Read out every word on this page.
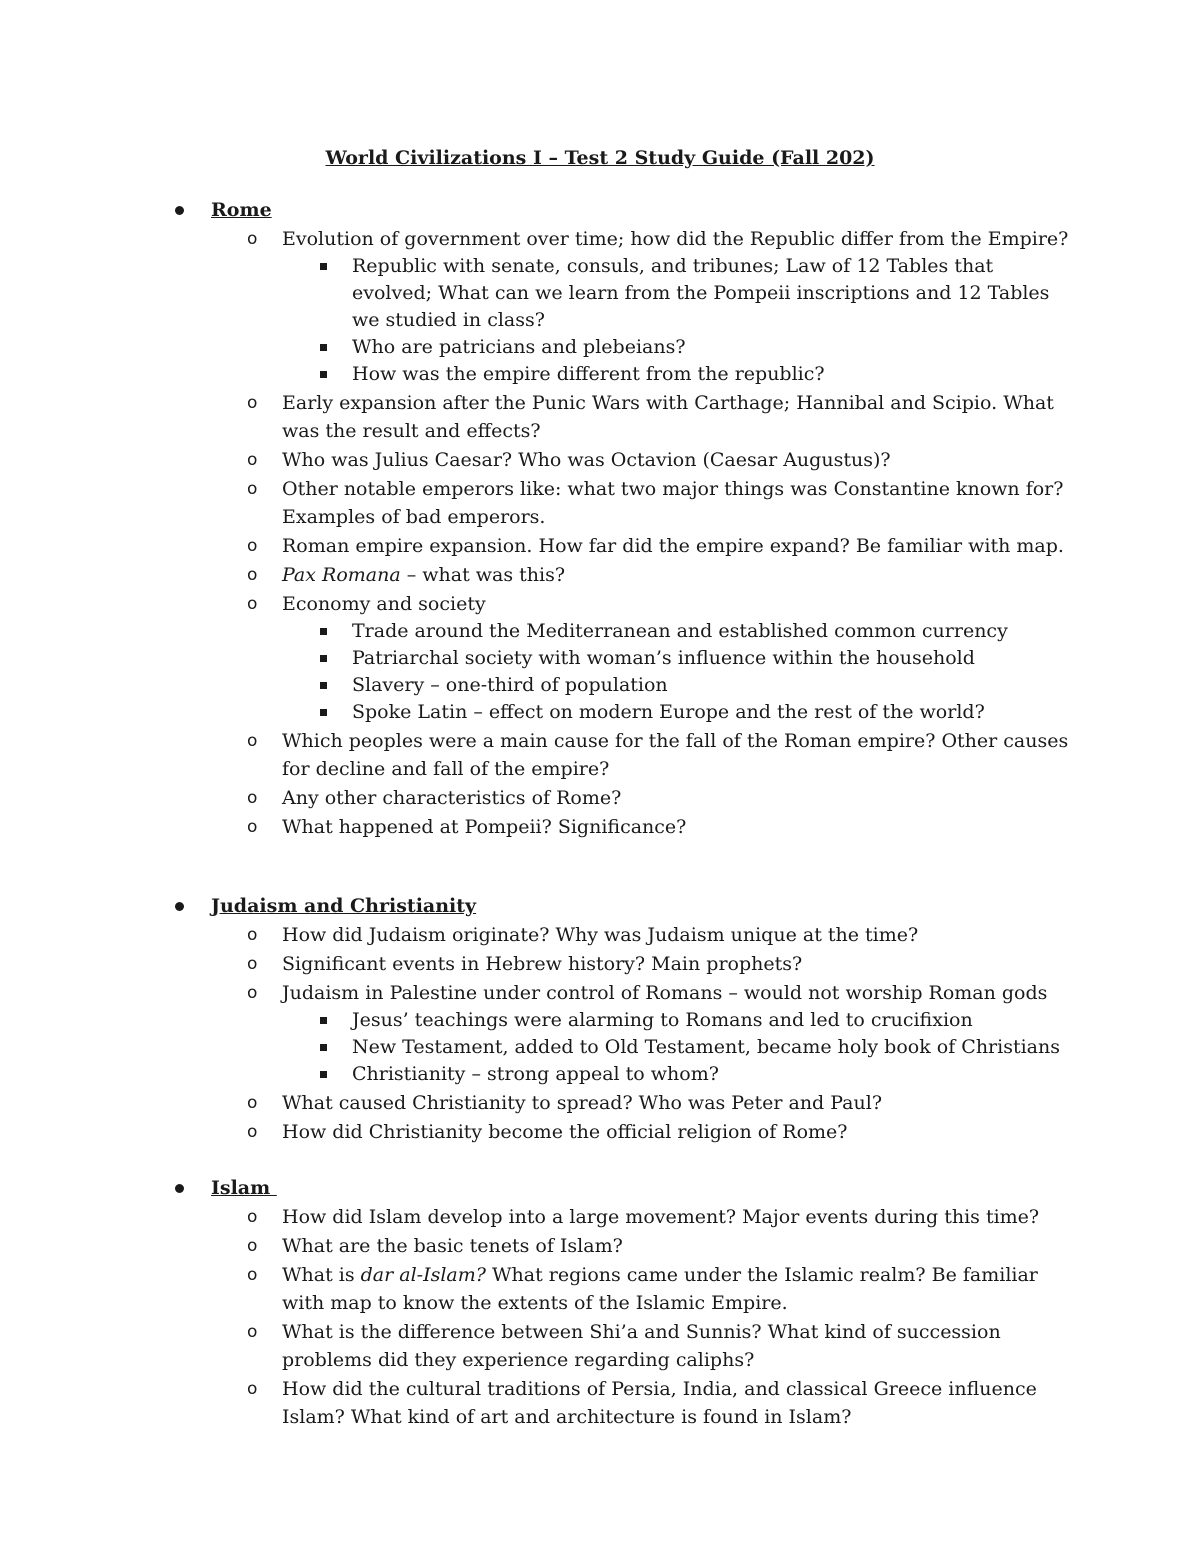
World Civilizations I – Test 2 Study Guide (Fall 202)
Rome
o Evolution of government over time; how did the Republic differ from the Empire?
Republic with senate, consuls, and tribunes; Law of 12 Tables that evolved; What can we learn from the Pompeii inscriptions and 12 Tables we studied in class?
Who are patricians and plebeians?
How was the empire different from the republic?
o Early expansion after the Punic Wars with Carthage; Hannibal and Scipio. What was the result and effects?
o Who was Julius Caesar? Who was Octavion (Caesar Augustus)?
o Other notable emperors like: what two major things was Constantine known for? Examples of bad emperors.
o Roman empire expansion. How far did the empire expand? Be familiar with map.
o Pax Romana – what was this?
o Economy and society
Trade around the Mediterranean and established common currency
Patriarchal society with woman’s influence within the household
Slavery – one-third of population
Spoke Latin – effect on modern Europe and the rest of the world?
o Which peoples were a main cause for the fall of the Roman empire? Other causes for decline and fall of the empire?
o Any other characteristics of Rome?
o What happened at Pompeii? Significance?
Judaism and Christianity
o How did Judaism originate? Why was Judaism unique at the time?
o Significant events in Hebrew history? Main prophets?
o Judaism in Palestine under control of Romans – would not worship Roman gods
Jesus’ teachings were alarming to Romans and led to crucifixion
New Testament, added to Old Testament, became holy book of Christians
Christianity – strong appeal to whom?
o What caused Christianity to spread? Who was Peter and Paul?
o How did Christianity become the official religion of Rome?
Islam
o How did Islam develop into a large movement? Major events during this time?
o What are the basic tenets of Islam?
o What is dar al-Islam? What regions came under the Islamic realm? Be familiar with map to know the extents of the Islamic Empire.
o What is the difference between Shi’a and Sunnis? What kind of succession problems did they experience regarding caliphs?
o How did the cultural traditions of Persia, India, and classical Greece influence Islam? What kind of art and architecture is found in Islam?
